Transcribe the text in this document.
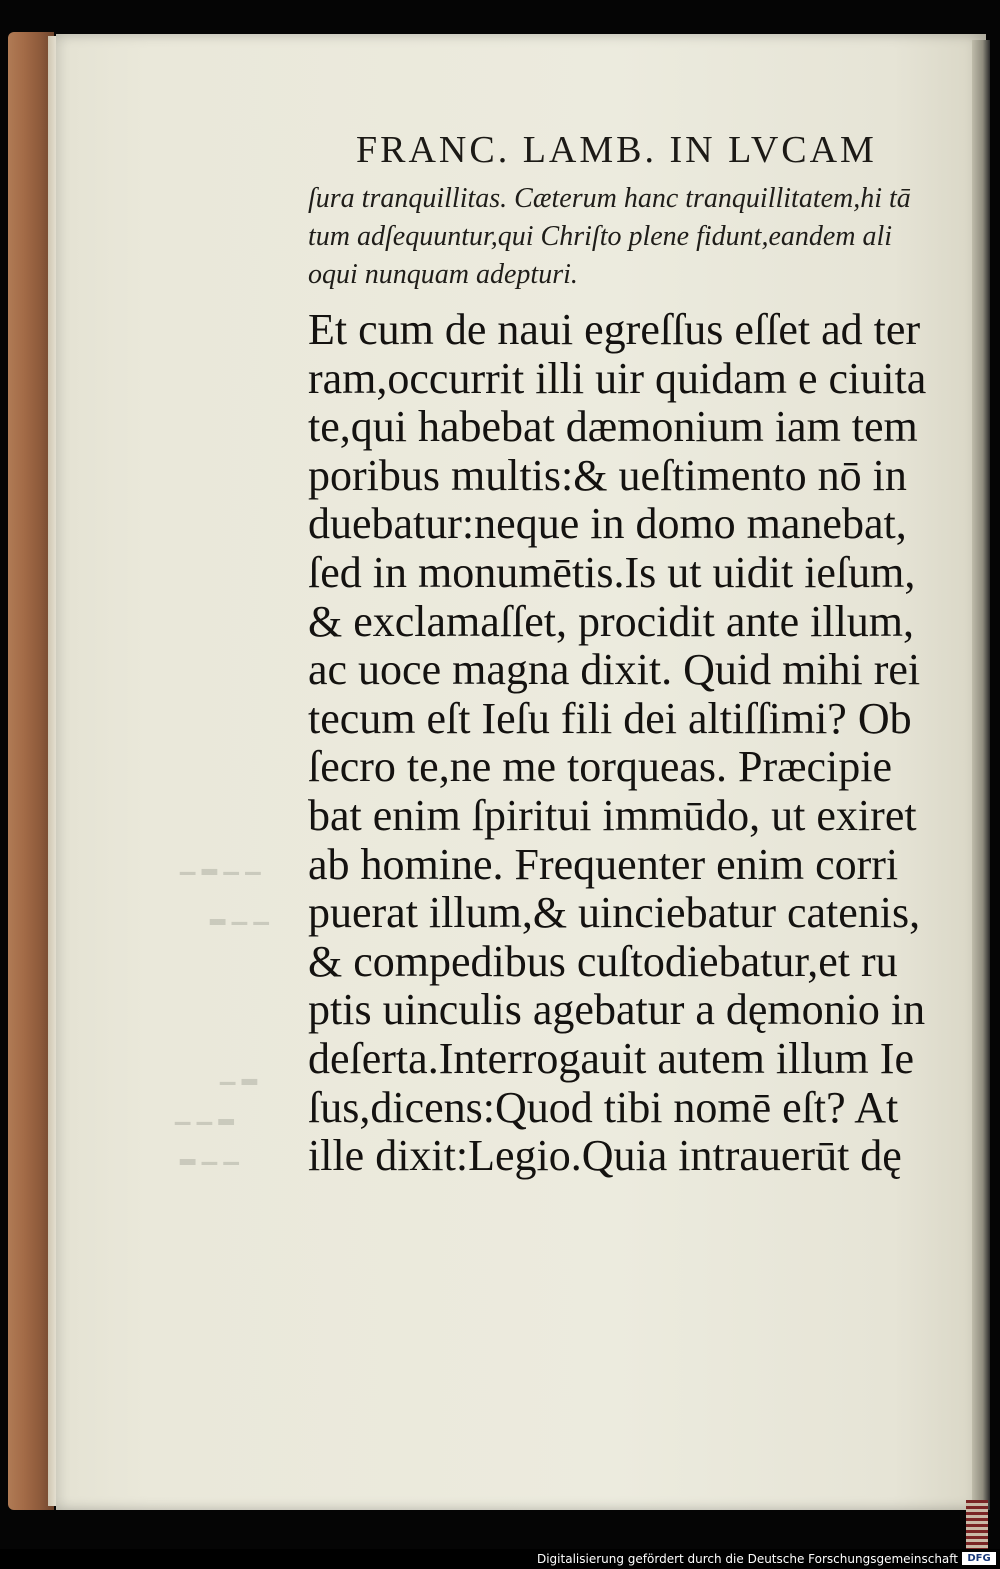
▁ ▂ ▁ ▁
▂ ▁ ▁
▁ ▂
▁ ▁ ▂
▂ ▁ ▁
FRANC. LAMB. IN LVCAM
ſura tranquillitas. Cæterum hanc tranquillitatem,hi tā
tum adſequuntur,qui Chriſto plene fidunt,eandem ali
oqui nunquam adepturi.
Et cum de naui egreſſus eſſet ad ter
ram,occurrit illi uir quidam e ciuita
te,qui habebat dæmonium iam tem
poribus multis:& ueſtimento nō in
duebatur:neque in domo manebat,
ſed in monumētis.Is ut uidit ieſum,
& exclamaſſet, procidit ante illum,
ac uoce magna dixit. Quid mihi rei
tecum eſt Ieſu fili dei altiſſimi? Ob
ſecro te,ne me torqueas. Præcipie
bat enim ſpiritui immūdo, ut exiret
ab homine. Frequenter enim corri
puerat illum,& uinciebatur catenis,
& compedibus cuſtodiebatur,et ru
ptis uinculis agebatur a dęmonio in
deſerta.Interrogauit autem illum Ie
ſus,dicens:Quod tibi nomē eſt? At
ille dixit:Legio.Quia intrauerūt dę
Digitalisierung gefördert durch die Deutsche Forschungsgemeinschaft DFG
